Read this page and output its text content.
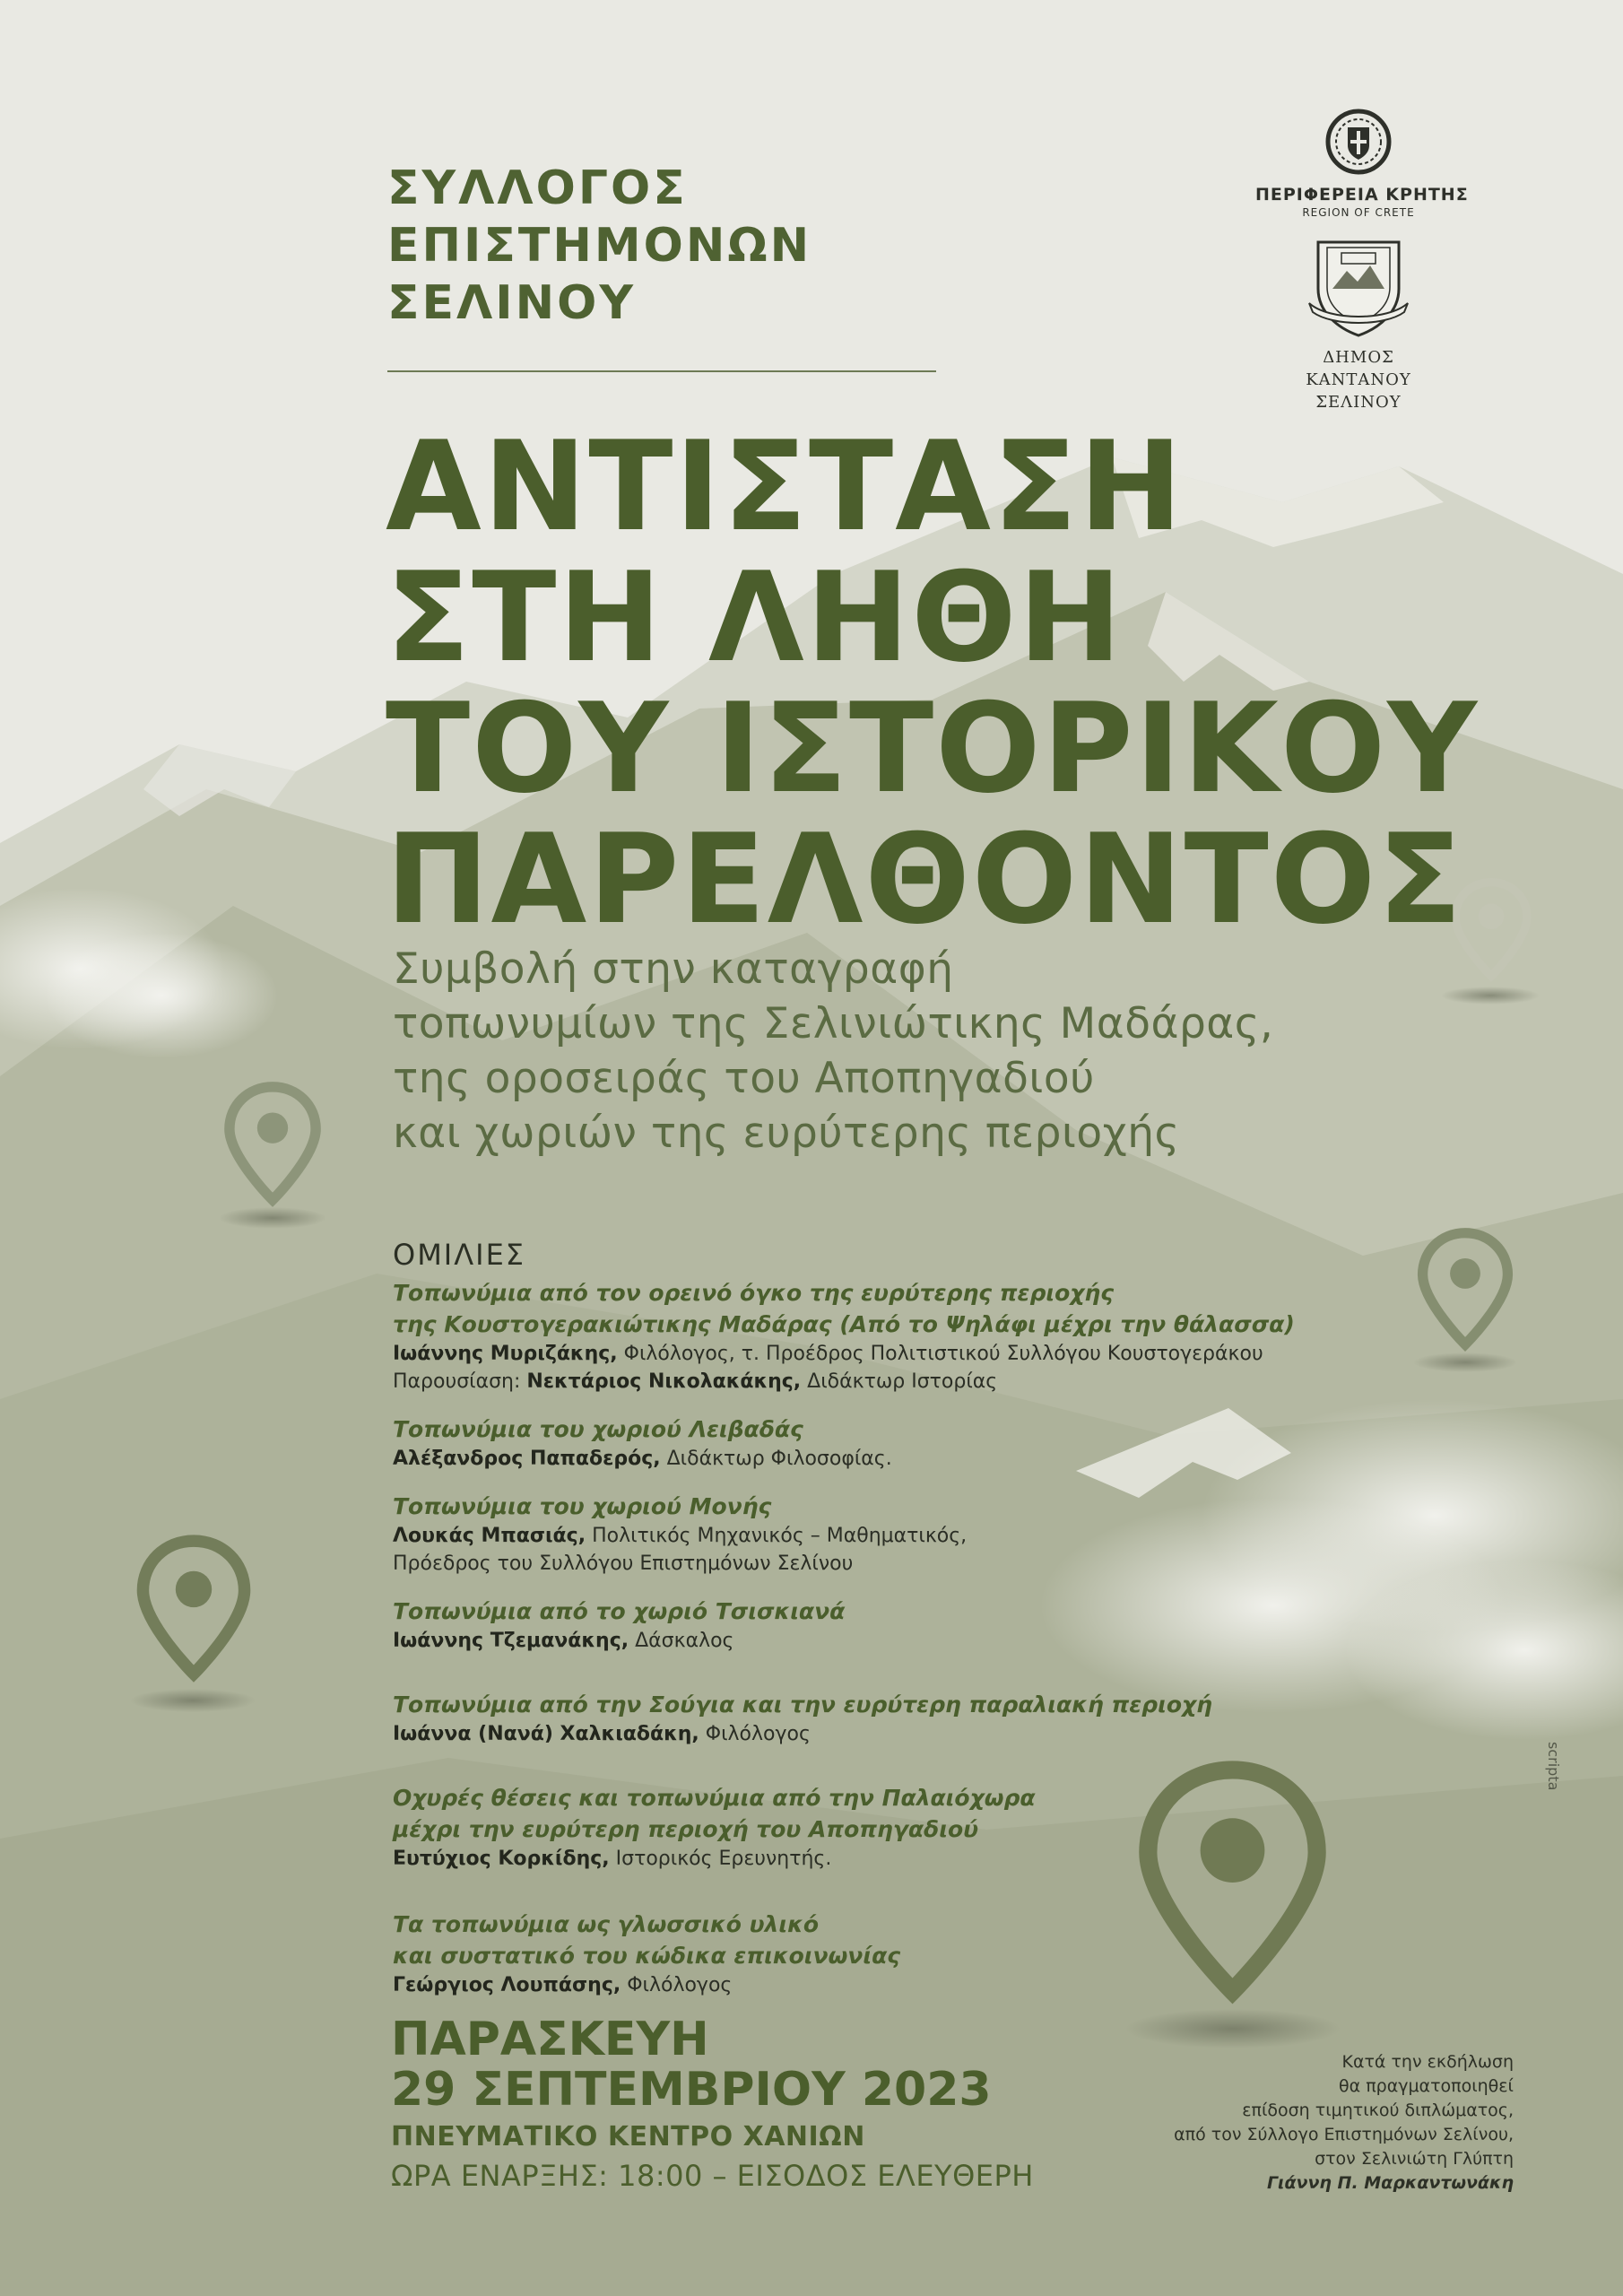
ΠΕΡΙΦΕΡΕΙΑ ΚΡΗΤΗΣ
REGION OF CRETE
ΔΗΜΟΣ
ΚΑΝΤΑΝΟΥ
ΣΕΛΙΝΟΥ
ΣΥΛΛΟΓΟΣ
ΕΠΙΣΤΗΜΟΝΩΝ
ΣΕΛΙΝΟΥ
ΑΝΤΙΣΤΑΣΗ
ΣΤΗ ΛΗΘΗ
ΤΟΥ ΙΣΤΟΡΙΚΟΥ
ΠΑΡΕΛΘΟΝΤΟΣ
Συμβολή στην καταγραφή
τοπωνυμίων της Σελινιώτικης Μαδάρας,
της οροσειράς του Αποπηγαδιού
και χωριών της ευρύτερης περιοχής
ΟΜΙΛΙΕΣ
Τοπωνύμια από τον ορεινό όγκο της ευρύτερης περιοχής
της Κουστογερακιώτικης Μαδάρας (Από το Ψηλάφι μέχρι την θάλασσα)
Ιωάννης Μυριζάκης, Φιλόλογος, τ. Προέδρος Πολιτιστικού Συλλόγου Κουστογεράκου
Παρουσίαση: Νεκτάριος Νικολακάκης, Διδάκτωρ Ιστορίας
Τοπωνύμια του χωριού Λειβαδάς
Αλέξανδρος Παπαδερός, Διδάκτωρ Φιλοσοφίας.
Τοπωνύμια του χωριού Μονής
Λουκάς Μπασιάς, Πολιτικός Μηχανικός – Μαθηματικός,
Πρόεδρος του Συλλόγου Επιστημόνων Σελίνου
Τοπωνύμια από το χωριό Τσισκιανά
Ιωάννης Τζεμανάκης, Δάσκαλος
Τοπωνύμια από την Σούγια και την ευρύτερη παραλιακή περιοχή
Ιωάννα (Νανά) Χαλκιαδάκη, Φιλόλογος
Οχυρές θέσεις και τοπωνύμια από την Παλαιόχωρα
μέχρι την ευρύτερη περιοχή του Αποπηγαδιού
Ευτύχιος Κορκίδης, Ιστορικός Ερευνητής.
Τα τοπωνύμια ως γλωσσικό υλικό
και συστατικό του κώδικα επικοινωνίας
Γεώργιος Λουπάσης, Φιλόλογος
ΠΑΡΑΣΚΕΥΗ
29 ΣΕΠΤΕΜΒΡΙΟΥ 2023
ΠΝΕΥΜΑΤΙΚΟ ΚΕΝΤΡΟ ΧΑΝΙΩΝ
ΩΡΑ ΕΝΑΡΞΗΣ: 18:00 – ΕΙΣΟΔΟΣ ΕΛΕΥΘΕΡΗ
Κατά την εκδήλωση
θα πραγματοποιηθεί
επίδοση τιμητικού διπλώματος,
από τον Σύλλογο Επιστημόνων Σελίνου,
στον Σελινιώτη Γλύπτη
Γιάννη Π. Μαρκαντωνάκη
scripta
